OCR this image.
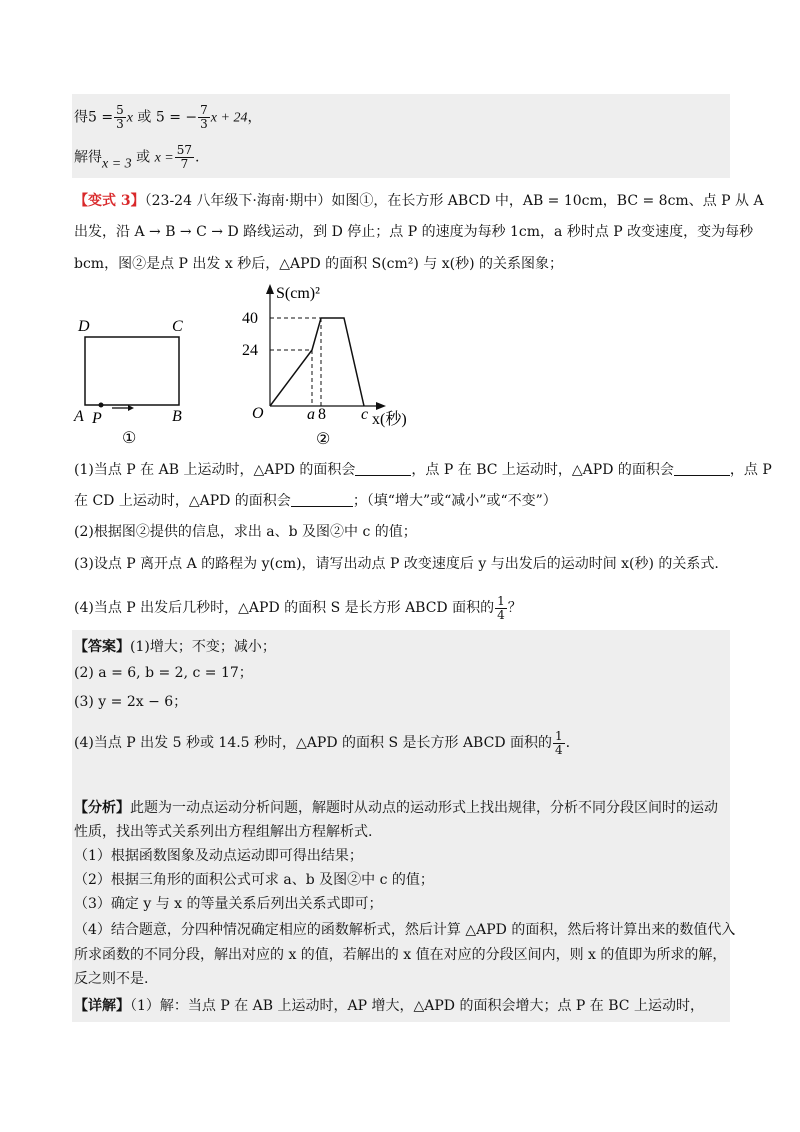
得$5 = \frac{5}{3}$ x 或 5 = − $\frac{7}{3}$ x + 24，
解得x = 3 或 $x = \frac{57}{7}$ .
【变式 3】（23-24 八年级下·海南·期中）如图①，在长方形 ABCD 中，AB = 10cm，BC = 8cm、点 P 从 A
出发，沿 A → B → C → D 路线运动，到 D 停止；点 P 的速度为每秒 1cm，a 秒时点 P 改变速度，变为每秒
bcm，图②是点 P 出发 x 秒后，△APD 的面积 S(cm²) 与 x(秒) 的关系图象；
D	C
A P	B
①
S(cm)²
x(秒)
O
40
24
a 8 c
②
(1)当点 P 在 AB 上运动时，△APD 的面积会	，点 P 在 BC 上运动时，△APD 的面积会	，点 P
在 CD 上运动时，△APD 的面积会	；（填“增大”或“减小”或“不变”）
(2)根据图②提供的信息，求出 a、b 及图②中 c 的值；
(3)设点 P 离开点 A 的路程为 y(cm)，请写出动点 P 改变速度后 y 与出发后的运动时间 x(秒) 的关系式.
(4)当点 P 出发后几秒时，△APD 的面积 S 是长方形 ABCD 面积的 $\frac{1}{4}$ ？
【答案】(1)增大；不变；减小；
(2) a = 6, b = 2, c = 17；
(3) y = 2x − 6；
(4)当点 P 出发 5 秒或 14.5 秒时，△APD 的面积 S 是长方形 ABCD 面积的 $\frac{1}{4}$ .
【分析】此题为一动点运动分析问题，解题时从动点的运动形式上找出规律，分析不同分段区间时的运动
性质，找出等式关系列出方程组解出方程解析式.
（1）根据函数图象及动点运动即可得出结果；
（2）根据三角形的面积公式可求 a、b 及图②中 c 的值；
（3）确定 y 与 x 的等量关系后列出关系式即可；
（4）结合题意，分四种情况确定相应的函数解析式，然后计算 △APD 的面积，然后将计算出来的数值代入
所求函数的不同分段，解出对应的 x 的值，若解出的 x 值在对应的分段区间内，则 x 的值即为所求的解，
反之则不是.
【详解】（1）解：当点 P 在 AB 上运动时，AP 增大，△APD 的面积会增大；点 P 在 BC 上运动时，
